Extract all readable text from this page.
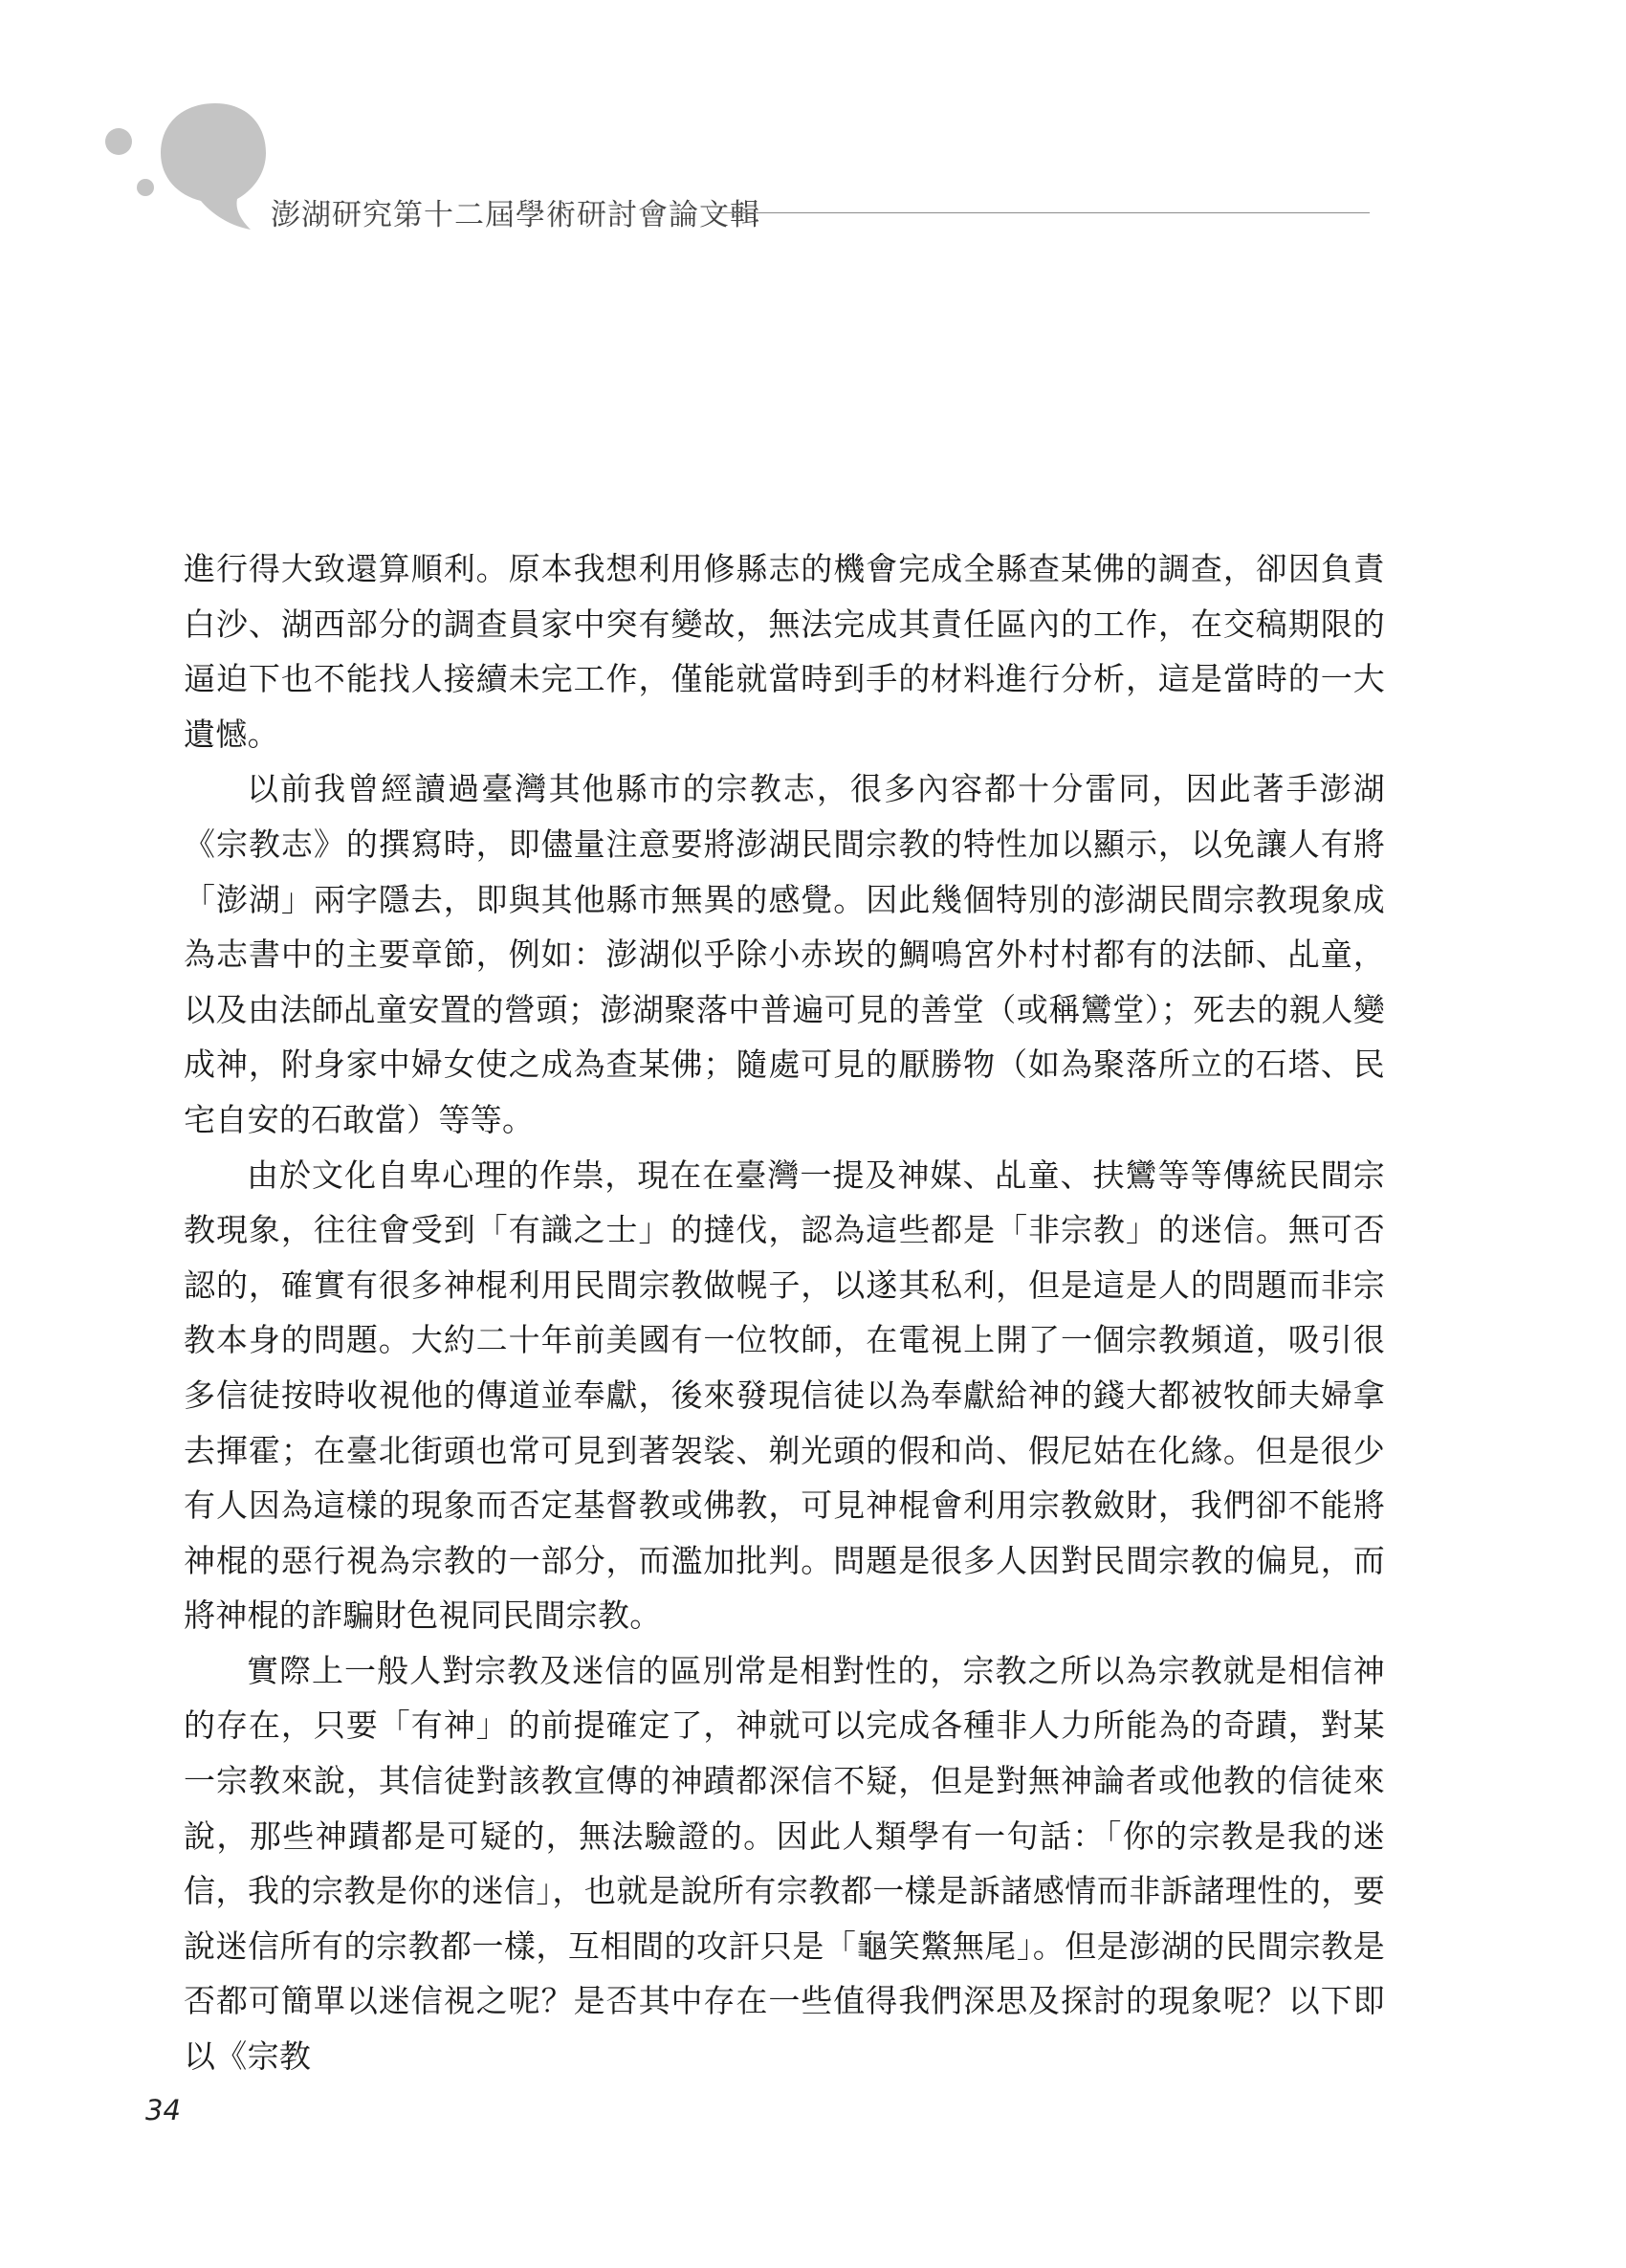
澎湖研究第十二屆學術研討會論文輯

進行得大致還算順利。原本我想利用修縣志的機會完成全縣查某佛的調查，卻因負責白沙、湖西部分的調查員家中突有變故，無法完成其責任區內的工作，在交稿期限的逼迫下也不能找人接續未完工作，僅能就當時到手的材料進行分析，這是當時的一大遺憾。

以前我曾經讀過臺灣其他縣市的宗教志，很多內容都十分雷同，因此著手澎湖《宗教志》的撰寫時，即儘量注意要將澎湖民間宗教的特性加以顯示，以免讓人有將「澎湖」兩字隱去，即與其他縣市無異的感覺。因此幾個特別的澎湖民間宗教現象成為志書中的主要章節，例如：澎湖似乎除小赤崁的鯛鳴宮外村村都有的法師、乩童，以及由法師乩童安置的營頭；澎湖聚落中普遍可見的善堂（或稱鸞堂）；死去的親人變成神，附身家中婦女使之成為查某佛；隨處可見的厭勝物（如為聚落所立的石塔、民宅自安的石敢當）等等。

由於文化自卑心理的作祟，現在在臺灣一提及神媒、乩童、扶鸞等等傳統民間宗教現象，往往會受到「有識之士」的撻伐，認為這些都是「非宗教」的迷信。無可否認的，確實有很多神棍利用民間宗教做幌子，以遂其私利，但是這是人的問題而非宗教本身的問題。大約二十年前美國有一位牧師，在電視上開了一個宗教頻道，吸引很多信徒按時收視他的傳道並奉獻，後來發現信徒以為奉獻給神的錢大都被牧師夫婦拿去揮霍；在臺北街頭也常可見到著袈裟、剃光頭的假和尚、假尼姑在化緣。但是很少有人因為這樣的現象而否定基督教或佛教，可見神棍會利用宗教斂財，我們卻不能將神棍的惡行視為宗教的一部分，而濫加批判。問題是很多人因對民間宗教的偏見，而將神棍的詐騙財色視同民間宗教。

實際上一般人對宗教及迷信的區別常是相對性的，宗教之所以為宗教就是相信神的存在，只要「有神」的前提確定了，神就可以完成各種非人力所能為的奇蹟，對某一宗教來說，其信徒對該教宣傳的神蹟都深信不疑，但是對無神論者或他教的信徒來說，那些神蹟都是可疑的，無法驗證的。因此人類學有一句話：「你的宗教是我的迷信，我的宗教是你的迷信」，也就是說所有宗教都一樣是訴諸感情而非訴諸理性的，要說迷信所有的宗教都一樣，互相間的攻訐只是「龜笑鱉無尾」。但是澎湖的民間宗教是否都可簡單以迷信視之呢？是否其中存在一些值得我們深思及探討的現象呢？以下即以《宗教

34
